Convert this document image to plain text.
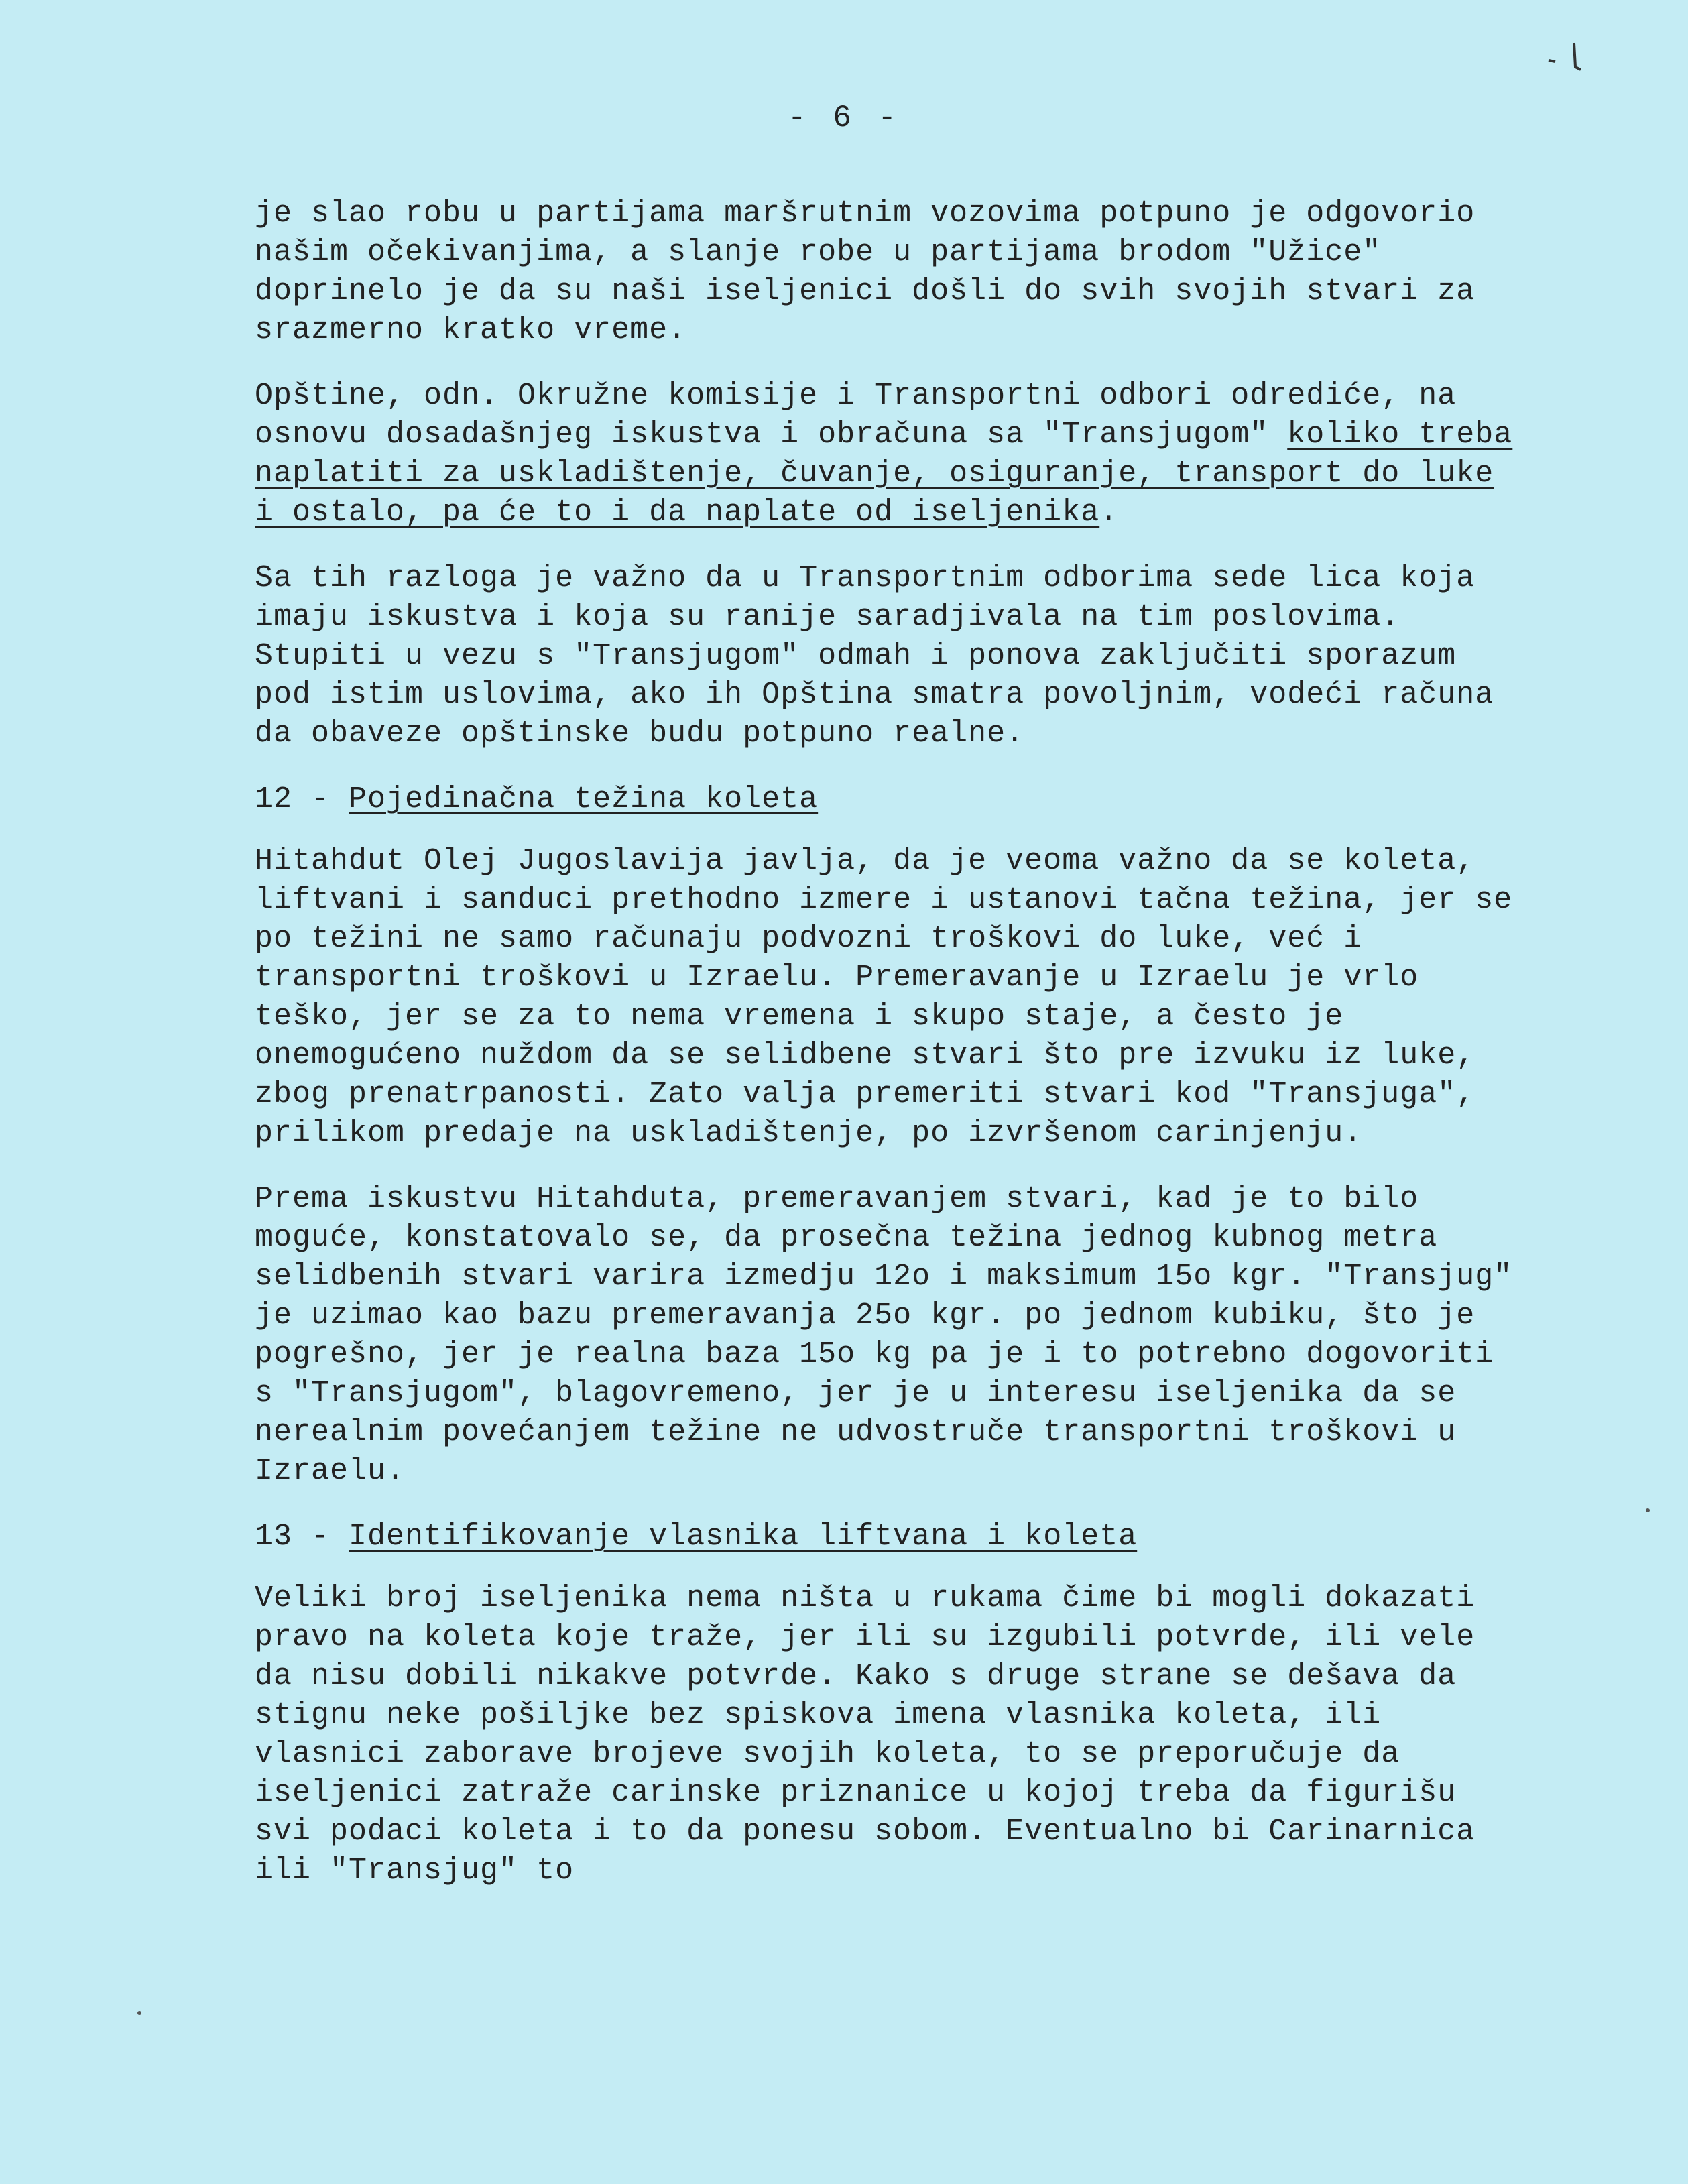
- 6 -

je slao robu u partijama maršrutnim vozovima potpuno je odgovorio našim očekivanjima, a slanje robe u partijama brodom "Užice" doprinelo je da su naši iseljenici došli do svih svojih stvari za srazmerno kratko vreme.

Opštine, odn. Okružne komisije i Transportni odbori odrediće, na osnovu dosadašnjeg iskustva i obračuna sa "Transjugom" koliko treba naplatiti za uskladištenje, čuvanje, osiguranje, transport do luke i ostalo, pa će to i da naplate od iseljenika.

Sa tih razloga je važno da u Transportnim odborima sede lica koja imaju iskustva i koja su ranije saradjivala na tim poslovima. Stupiti u vezu s "Transjugom" odmah i ponova zaključiti sporazum pod istim uslovima, ako ih Opština smatra povoljnim, vodeći računa da obaveze opštinske budu potpuno realne.

12 - Pojedinačna težina koleta

Hitahdut Olej Jugoslavija javlja, da je veoma važno da se koleta, liftvani i sanduci prethodno izmere i ustanovi tačna težina, jer se po težini ne samo računaju podvozni troškovi do luke, već i transportni troškovi u Izraelu. Premeravanje u Izraelu je vrlo teško, jer se za to nema vremena i skupo staje, a često je onemogućeno nuždom da se selidbene stvari što pre izvuku iz luke, zbog prenatrpanosti. Zato valja premeriti stvari kod "Transjuga", prilikom predaje na uskladištenje, po izvršenom carinjenju.

Prema iskustvu Hitahduta, premeravanjem stvari, kad je to bilo moguće, konstatovalo se, da prosečna težina jednog kubnog metra selidbenih stvari varira izmedju 12o i maksimum 15o kgr. "Transjug" je uzimao kao bazu premeravanja 25o kgr. po jednom kubiku, što je pogrešno, jer je realna baza 15o kg pa je i to potrebno dogovoriti s "Transjugom", blagovremeno, jer je u interesu iseljenika da se nerealnim povećanjem težine ne udvostruče transportni troškovi u Izraelu.

13 - Identifikovanje vlasnika liftvana i koleta

Veliki broj iseljenika nema ništa u rukama čime bi mogli dokazati pravo na koleta koje traže, jer ili su izgubili potvrde, ili vele da nisu dobili nikakve potvrde. Kako s druge strane se dešava da stignu neke pošiljke bez spiskova imena vlasnika koleta, ili vlasnici zaborave brojeve svojih koleta, to se preporučuje da iseljenici zatraže carinske priznanice u kojoj treba da figurišu svi podaci koleta i to da ponesu sobom. Eventualno bi Carinarnica ili "Transjug" to
